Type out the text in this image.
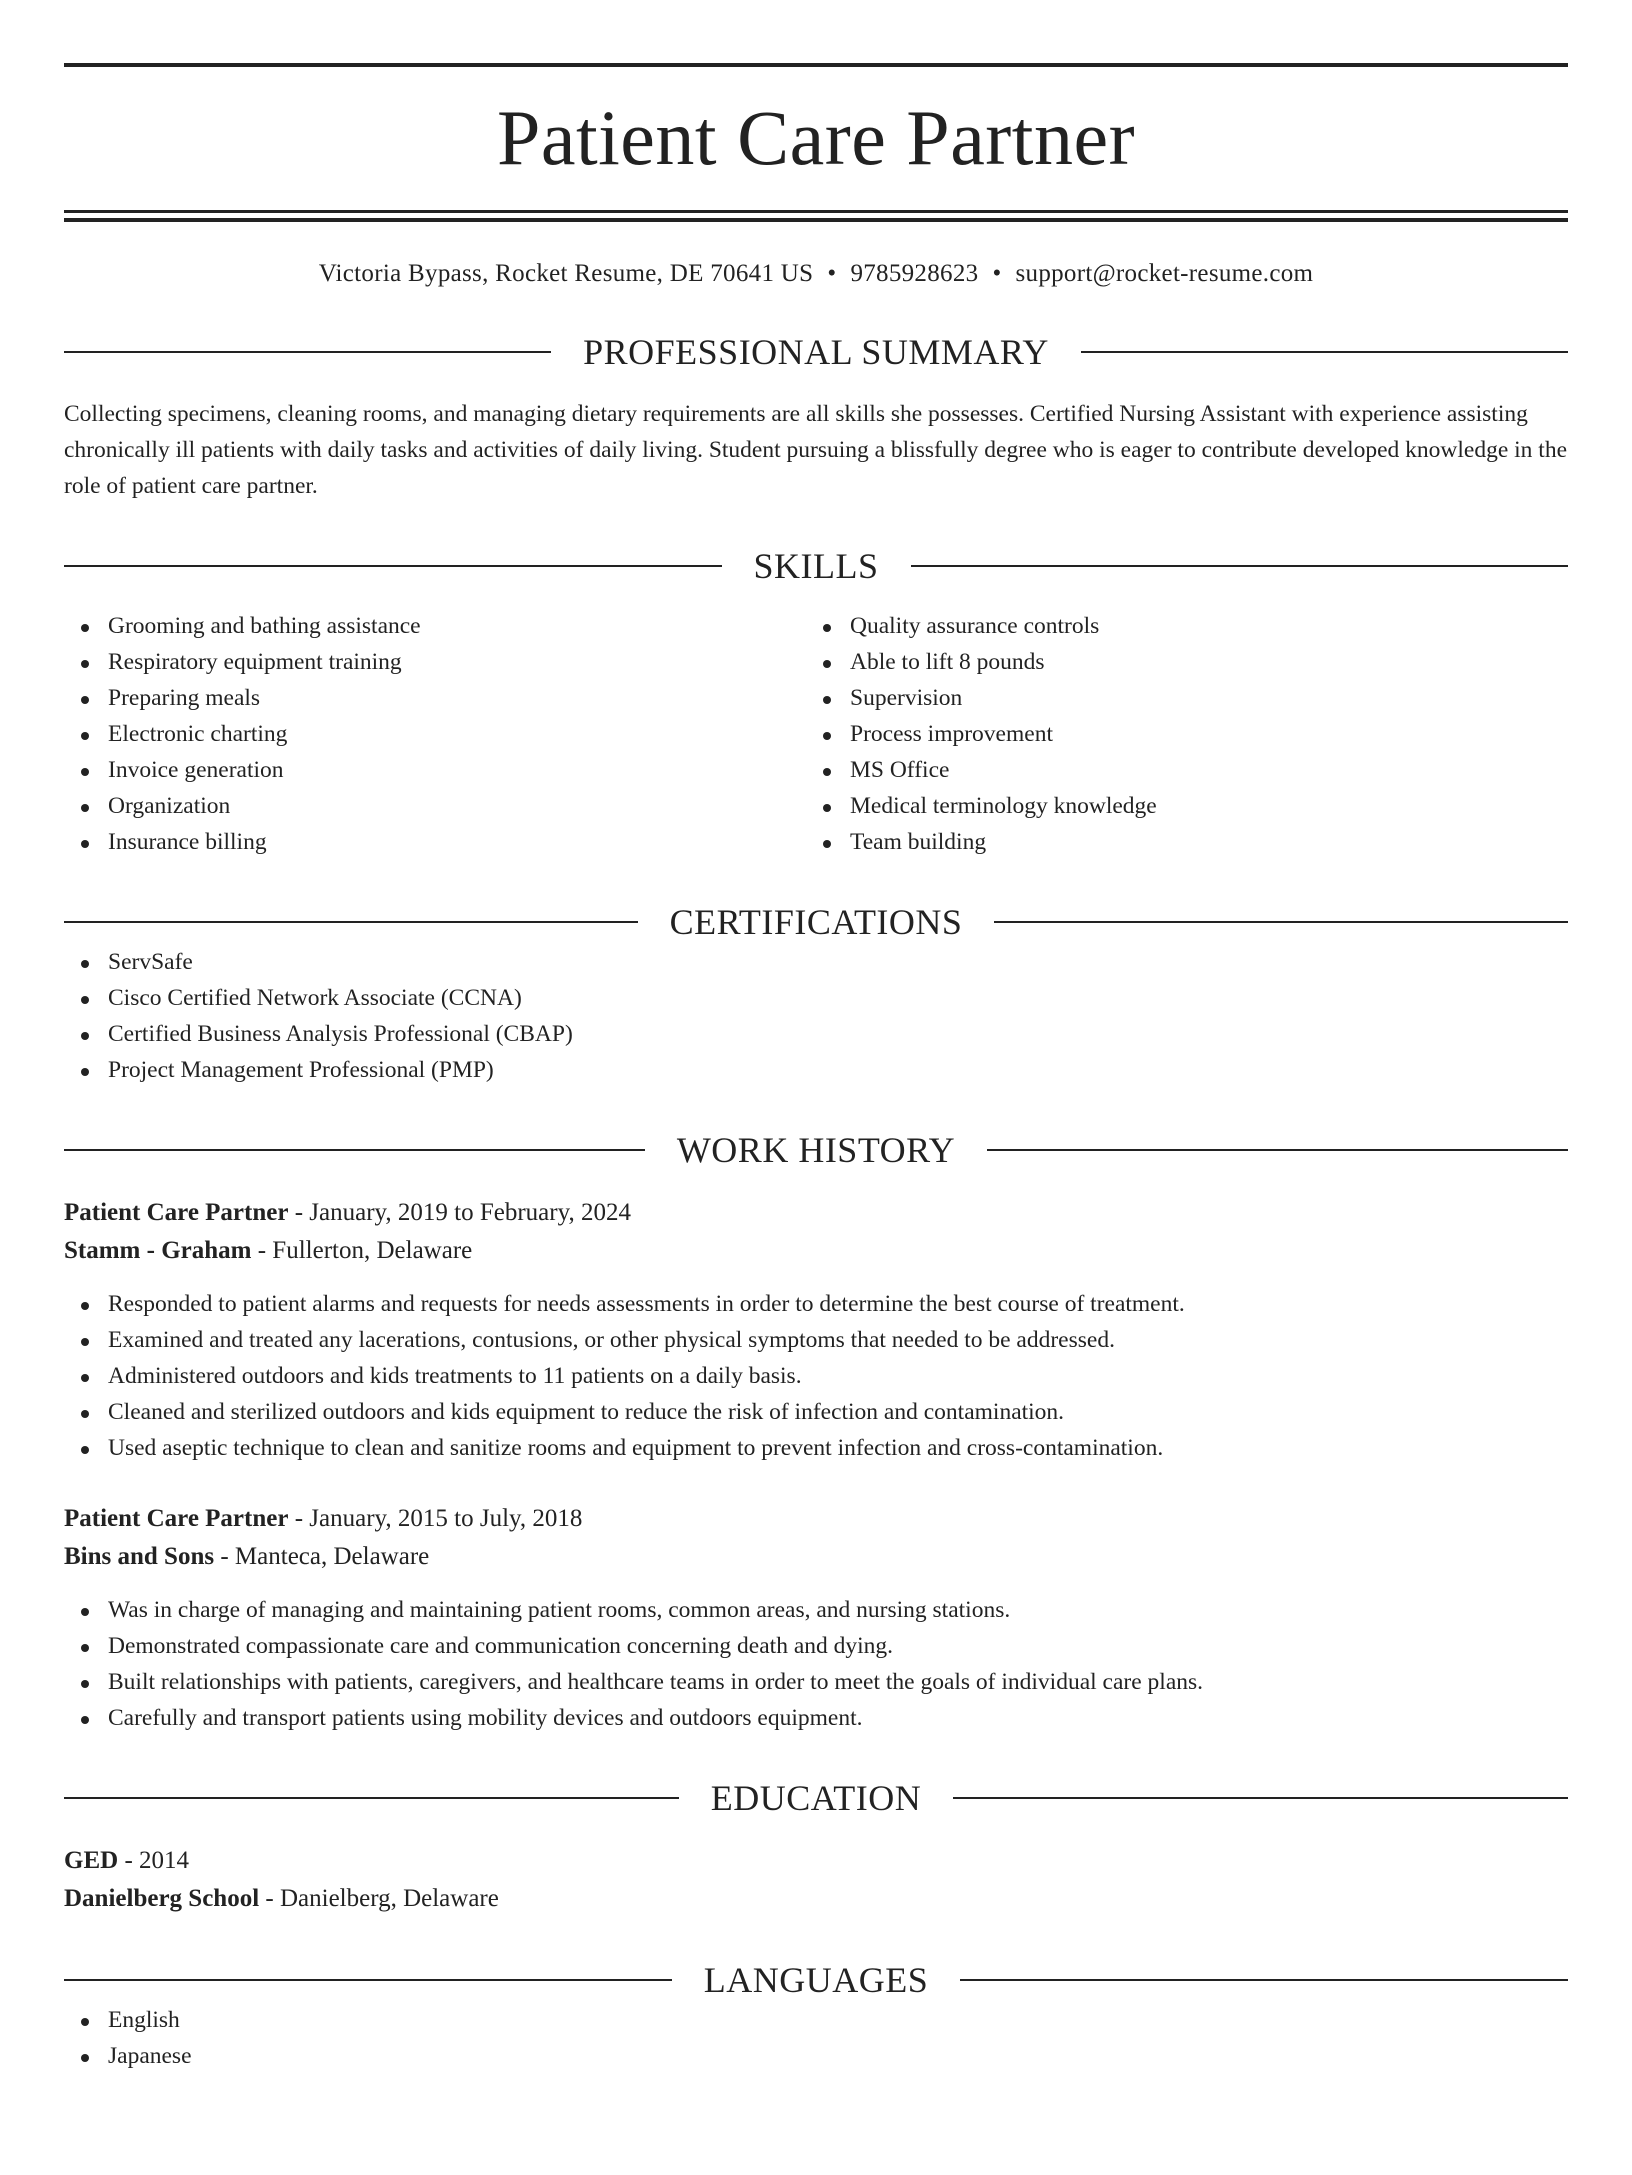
Patient Care Partner
Victoria Bypass, Rocket Resume, DE 70641 US • 9785928623 • support@rocket-resume.com
PROFESSIONAL SUMMARY
Collecting specimens, cleaning rooms, and managing dietary requirements are all skills she possesses. Certified Nursing Assistant with experience assisting chronically ill patients with daily tasks and activities of daily living. Student pursuing a blissfully degree who is eager to contribute developed knowledge in the role of patient care partner.
SKILLS
Grooming and bathing assistance
Respiratory equipment training
Preparing meals
Electronic charting
Invoice generation
Organization
Insurance billing
Quality assurance controls
Able to lift 8 pounds
Supervision
Process improvement
MS Office
Medical terminology knowledge
Team building
CERTIFICATIONS
ServSafe
Cisco Certified Network Associate (CCNA)
Certified Business Analysis Professional (CBAP)
Project Management Professional (PMP)
WORK HISTORY
Patient Care Partner - January, 2019 to February, 2024
Stamm - Graham - Fullerton, Delaware
Responded to patient alarms and requests for needs assessments in order to determine the best course of treatment.
Examined and treated any lacerations, contusions, or other physical symptoms that needed to be addressed.
Administered outdoors and kids treatments to 11 patients on a daily basis.
Cleaned and sterilized outdoors and kids equipment to reduce the risk of infection and contamination.
Used aseptic technique to clean and sanitize rooms and equipment to prevent infection and cross-contamination.
Patient Care Partner - January, 2015 to July, 2018
Bins and Sons - Manteca, Delaware
Was in charge of managing and maintaining patient rooms, common areas, and nursing stations.
Demonstrated compassionate care and communication concerning death and dying.
Built relationships with patients, caregivers, and healthcare teams in order to meet the goals of individual care plans.
Carefully and transport patients using mobility devices and outdoors equipment.
EDUCATION
GED - 2014
Danielberg School - Danielberg, Delaware
LANGUAGES
English
Japanese
